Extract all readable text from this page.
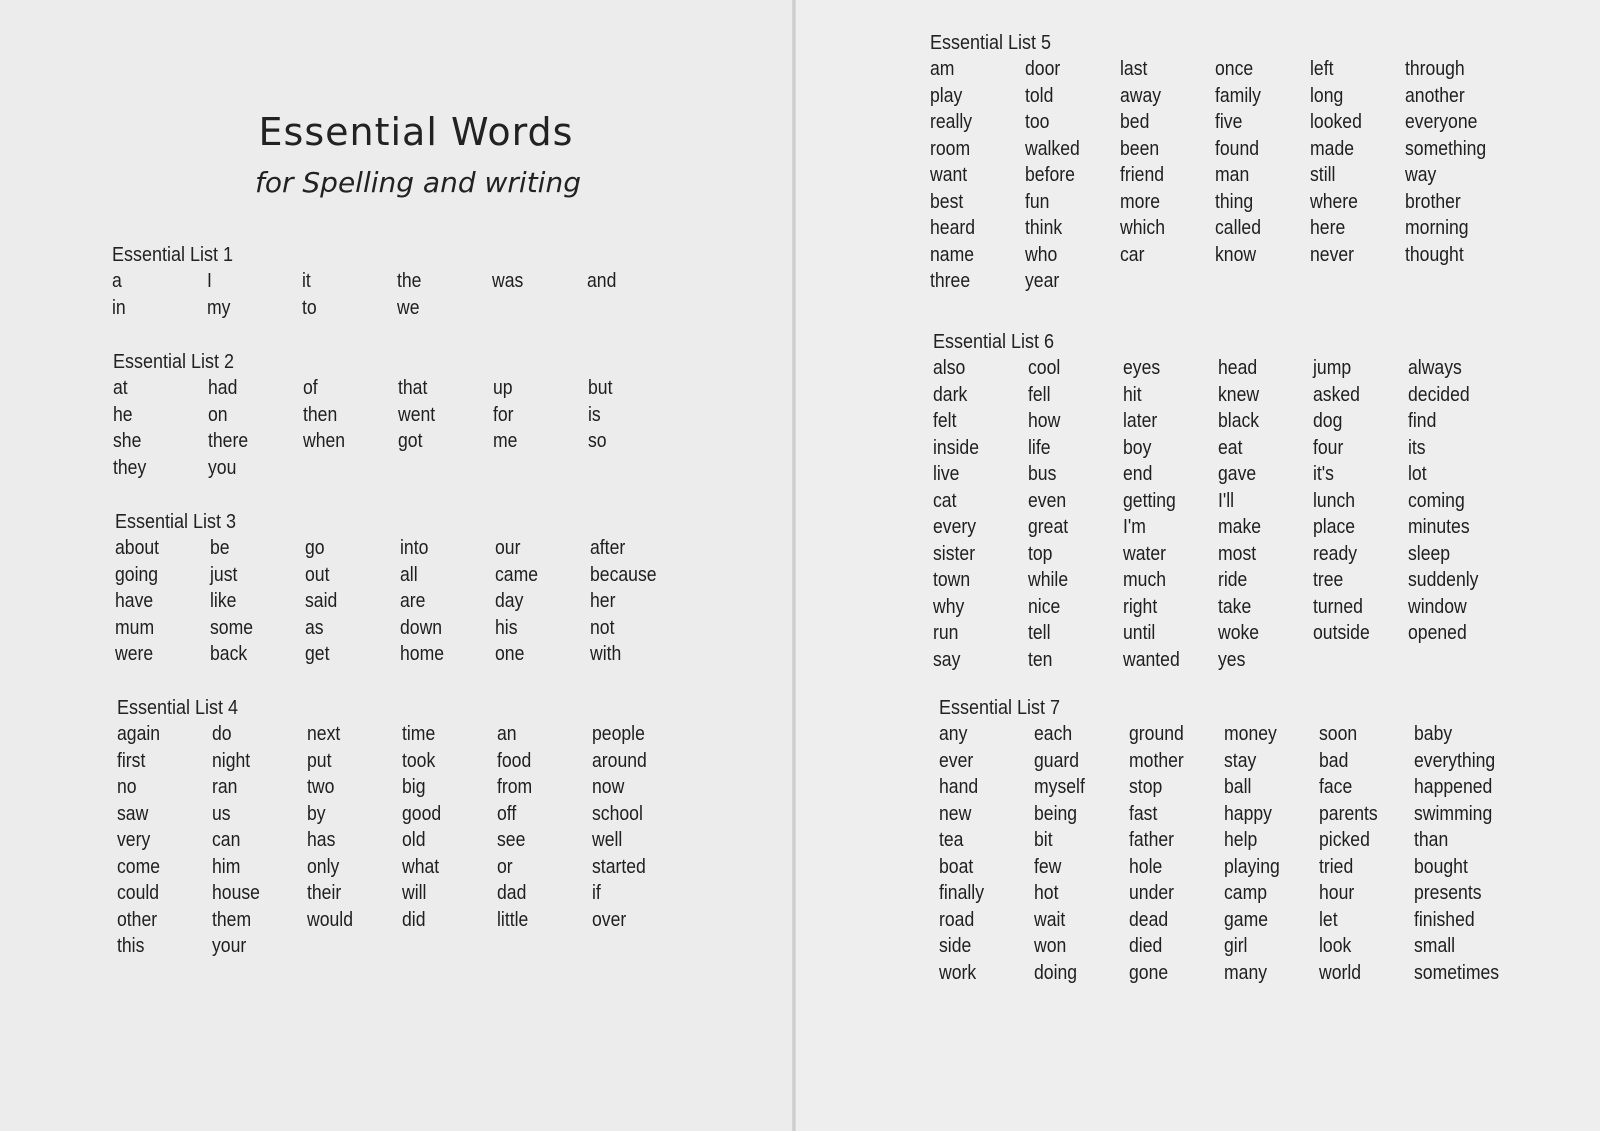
Essential Words
for Spelling and writing
Essential List 1
a	I	it	the	was	and
in	my	to	we
Essential List 2
at	had	of	that	up	but
he	on	then	went	for	is
she	there	when	got	me	so
they	you
Essential List 3
about	be	go	into	our	after
going	just	out	all	came	because
have	like	said	are	day	her
mum	some	as	down	his	not
were	back	get	home	one	with
Essential List 4
again	do	next	time	an	people
first	night	put	took	food	around
no	ran	two	big	from	now
saw	us	by	good	off	school
very	can	has	old	see	well
come	him	only	what	or	started
could	house	their	will	dad	if
other	them	would	did	little	over
this	your
Essential List 5
am	door	last	once	left	through
play	told	away	family	long	another
really	too	bed	five	looked	everyone
room	walked	been	found	made	something
want	before	friend	man	still	way
best	fun	more	thing	where	brother
heard	think	which	called	here	morning
name	who	car	know	never	thought
three	year
Essential List 6
also	cool	eyes	head	jump	always
dark	fell	hit	knew	asked	decided
felt	how	later	black	dog	find
inside	life	boy	eat	four	its
live	bus	end	gave	it's	lot
cat	even	getting	I'll	lunch	coming
every	great	I'm	make	place	minutes
sister	top	water	most	ready	sleep
town	while	much	ride	tree	suddenly
why	nice	right	take	turned	window
run	tell	until	woke	outside	opened
say	ten	wanted	yes
Essential List 7
any	each	ground	money	soon	baby
ever	guard	mother	stay	bad	everything
hand	myself	stop	ball	face	happened
new	being	fast	happy	parents	swimming
tea	bit	father	help	picked	than
boat	few	hole	playing	tried	bought
finally	hot	under	camp	hour	presents
road	wait	dead	game	let	finished
side	won	died	girl	look	small
work	doing	gone	many	world	sometimes
